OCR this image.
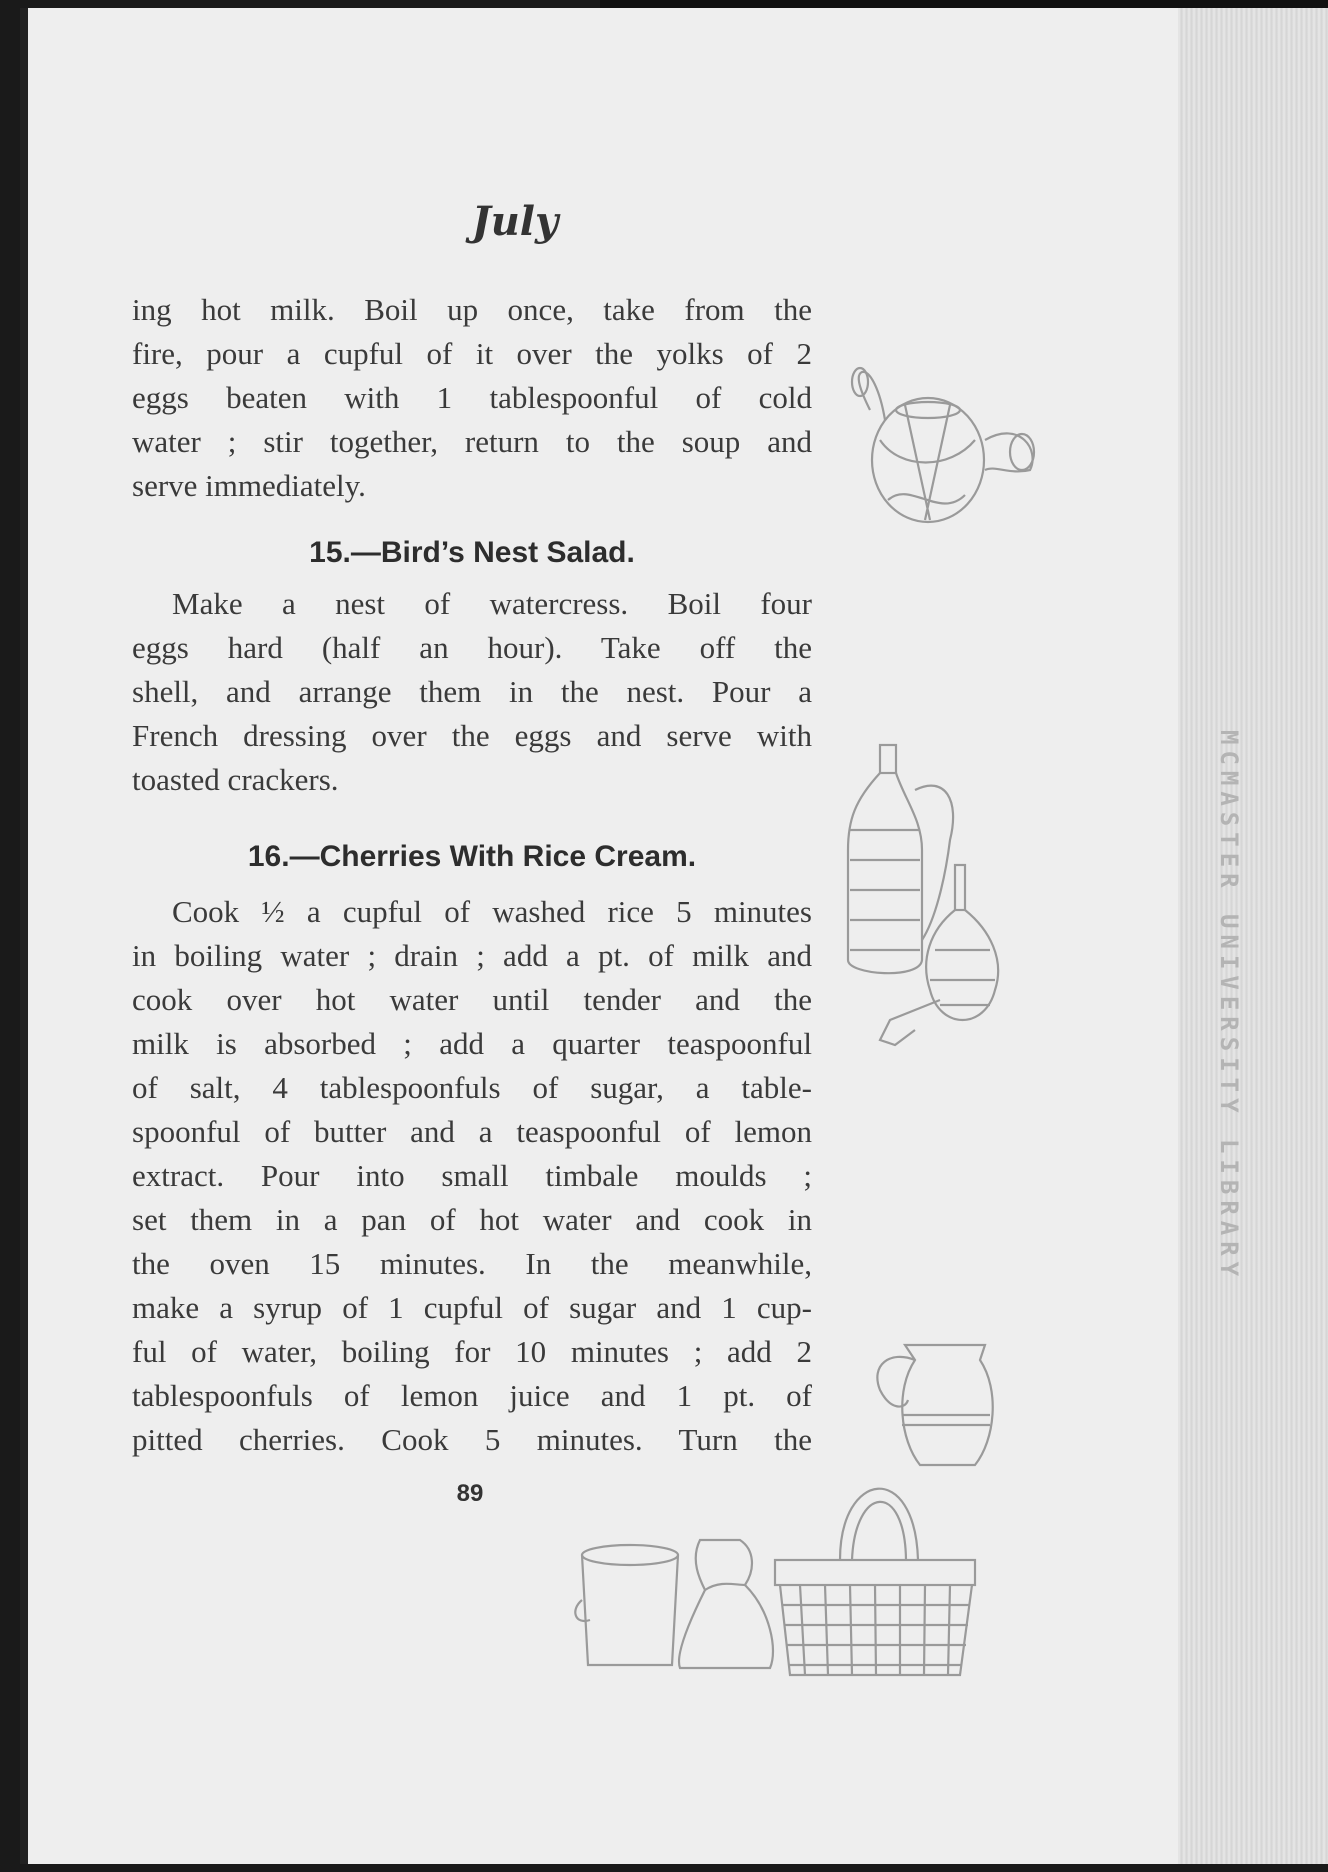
MCMASTER UNIVERSITY LIBRARY
July
ing hot milk. Boil up once, take from the
fire, pour a cupful of it over the yolks of 2
eggs beaten with 1 tablespoonful of cold
water ; stir together, return to the soup and
serve immediately.
15.—Bird’s Nest Salad.
Make a nest of watercress. Boil four
eggs hard (half an hour). Take off the
shell, and arrange them in the nest. Pour a
French dressing over the eggs and serve with
toasted crackers.
16.—Cherries With Rice Cream.
Cook ½ a cupful of washed rice 5 minutes
in boiling water ; drain ; add a pt. of milk and
cook over hot water until tender and the
milk is absorbed ; add a quarter teaspoonful
of salt, 4 tablespoonfuls of sugar, a table-
spoonful of butter and a teaspoonful of lemon
extract. Pour into small timbale moulds ;
set them in a pan of hot water and cook in
the oven 15 minutes. In the meanwhile,
make a syrup of 1 cupful of sugar and 1 cup-
ful of water, boiling for 10 minutes ; add 2
tablespoonfuls of lemon juice and 1 pt. of
pitted cherries. Cook 5 minutes. Turn the
89
